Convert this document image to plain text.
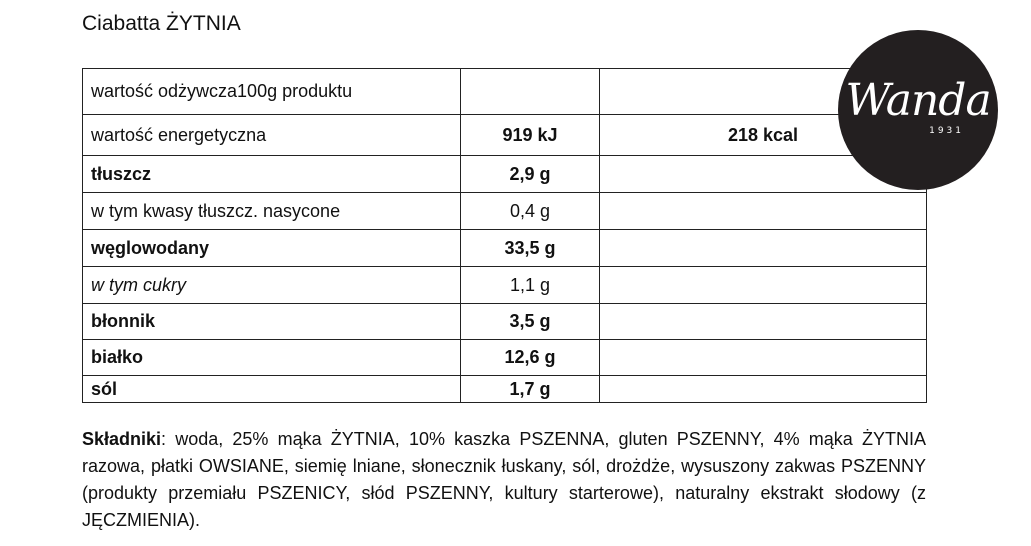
Ciabatta ŻYTNIA
wartość odżywcza100g produktu		
wartość energetyczna	919 kJ	218 kcal
tłuszcz	2,9 g	
w tym kwasy tłuszcz. nasycone	0,4 g	
węglowodany	33,5 g	
w tym cukry	1,1 g	
błonnik	3,5 g	
białko	12,6 g	
sól	1,7 g	
Wanda
1931

Składniki: woda, 25% mąka ŻYTNIA, 10% kaszka PSZENNA, gluten PSZENNY, 4% mąka ŻYTNIA razowa, płatki OWSIANE, siemię lniane, słonecznik łuskany, sól, drożdże, wysuszony zakwas PSZENNY (produkty przemiału PSZENICY, słód PSZENNY, kultury starterowe), naturalny ekstrakt słodowy (z JĘCZMIENIA).
